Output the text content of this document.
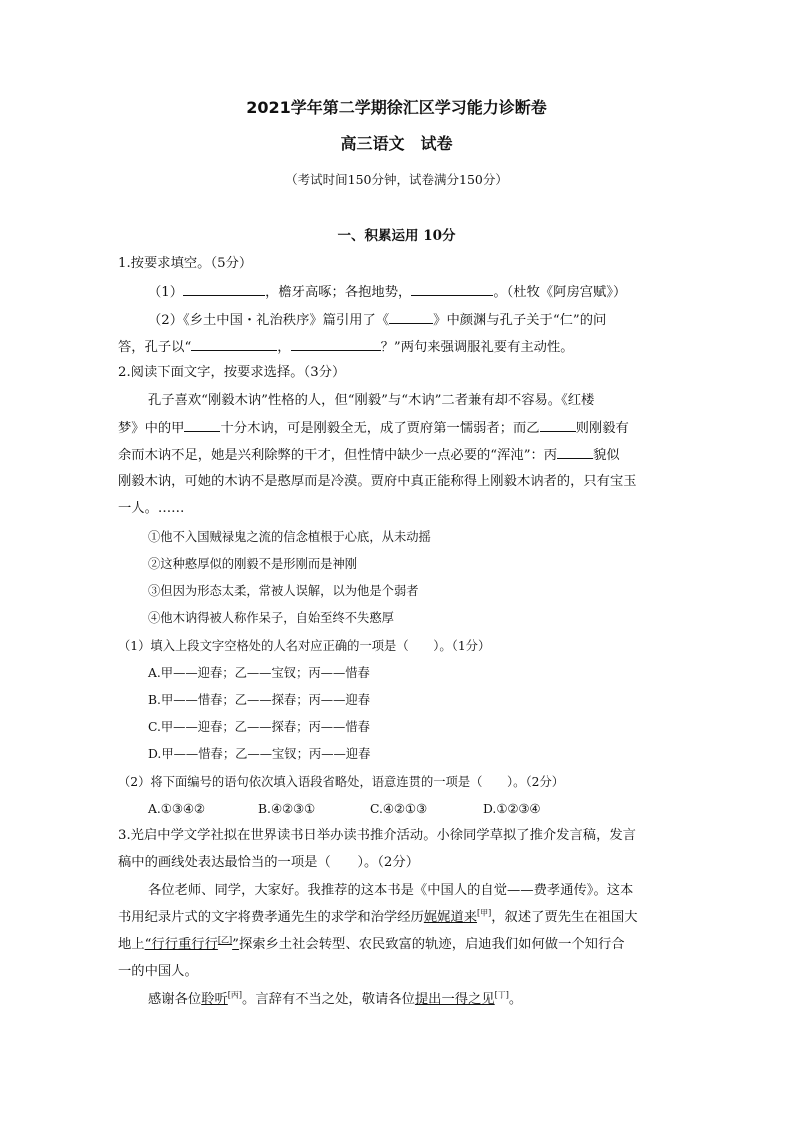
2021学年第二学期徐汇区学习能力诊断卷
高三语文　试卷
（考试时间150分钟，试卷满分150分）
一、积累运用 10分
1.按要求填空。（5分）
（1）	，檐牙高啄；各抱地势，	。（杜牧《阿房宫赋》）
（2）《乡土中国・礼治秩序》篇引用了《	》中颜渊与孔子关于“仁”的问
答，孔子以“	，	？”两句来强调服礼要有主动性。
2.阅读下面文字，按要求选择。（3分）
孔子喜欢“刚毅木讷”性格的人，但“刚毅”与“木讷”二者兼有却不容易。《红楼
梦》中的甲	十分木讷，可是刚毅全无，成了贾府第一懦弱者；而乙	则刚毅有
余而木讷不足，她是兴利除弊的干才，但性情中缺少一点必要的“浑沌”：丙	貌似
刚毅木讷，可她的木讷不是憨厚而是冷漠。贾府中真正能称得上刚毅木讷者的，只有宝玉
一人。……
①他不入国贼禄鬼之流的信念植根于心底，从未动摇
②这种憨厚似的刚毅不是形刚而是神刚
③但因为形态太柔，常被人误解，以为他是个弱者
④他木讷得被人称作呆子，自始至终不失憨厚
（1）填入上段文字空格处的人名对应正确的一项是（　　）。（1分）
A.甲——迎春；乙——宝钗；丙——惜春
B.甲——惜春；乙——探春；丙——迎春
C.甲——迎春；乙——探春；丙——惜春
D.甲——惜春；乙——宝钗；丙——迎春
（2）将下面编号的语句依次填入语段省略处，语意连贯的一项是（　　）。（2分）
A.①③④②	B.④②③①	C.④②①③	D.①②③④
3.光启中学文学社拟在世界读书日举办读书推介活动。小徐同学草拟了推介发言稿，发言
稿中的画线处表达最恰当的一项是（　　）。（2分）
各位老师、同学，大家好。我推荐的这本书是《中国人的自觉——费孝通传》。这本
书用纪录片式的文字将费孝通先生的求学和治学经历娓娓道来[甲]，叙述了贾先生在祖国大
地上“行行重行行[乙]”探索乡土社会转型、农民致富的轨迹，启迪我们如何做一个知行合
一的中国人。
感谢各位聆听[丙]。言辞有不当之处，敬请各位提出一得之见[丁]。
